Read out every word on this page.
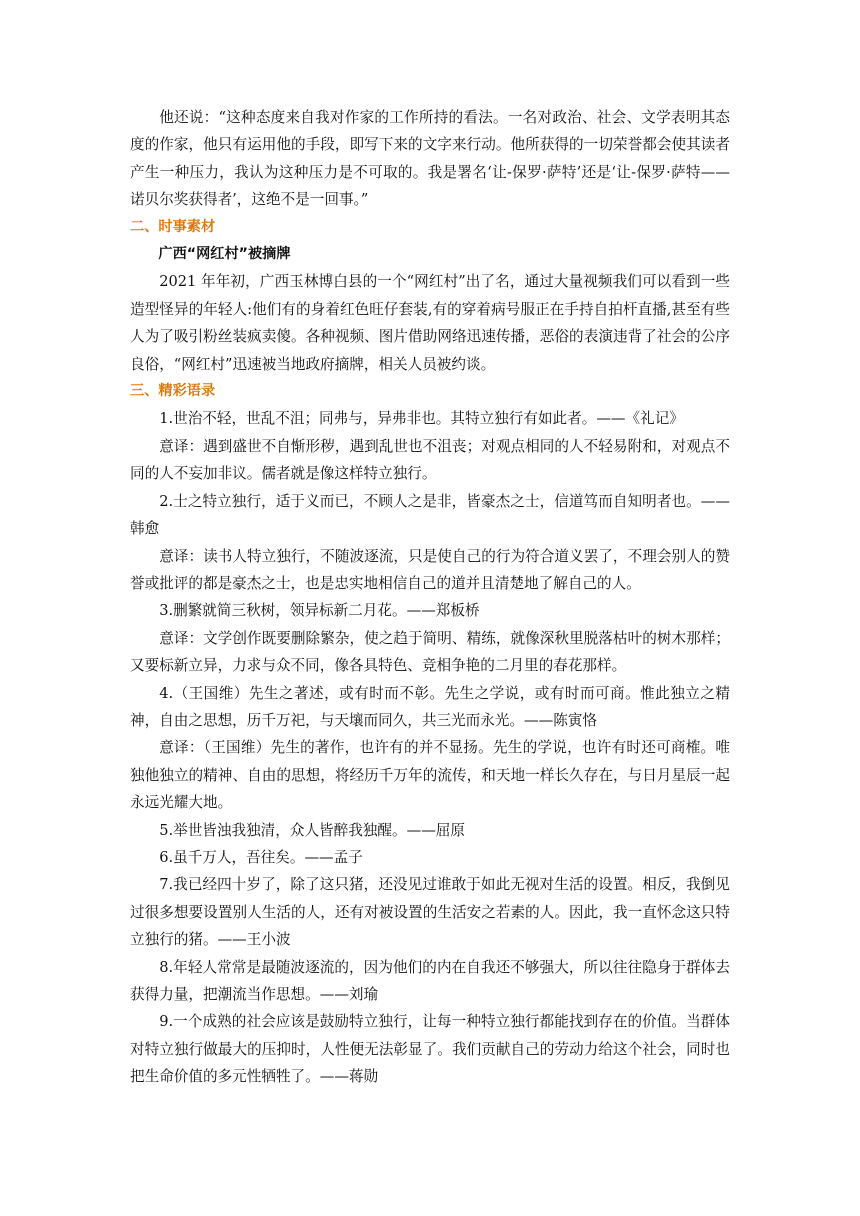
他还说：“这种态度来自我对作家的工作所持的看法。一名对政治、社会、文学表明其态度的作家，他只有运用他的手段，即写下来的文字来行动。他所获得的一切荣誉都会使其读者产生一种压力，我认为这种压力是不可取的。我是署名‘让-保罗·萨特’还是‘让-保罗·萨特——诺贝尔奖获得者’，这绝不是一回事。”

二、时事素材

广西“网红村”被摘牌

2021 年年初，广西玉林博白县的一个“网红村”出了名，通过大量视频我们可以看到一些造型怪异的年轻人:他们有的身着红色旺仔套装,有的穿着病号服正在手持自拍杆直播,甚至有些人为了吸引粉丝装疯卖傻。各种视频、图片借助网络迅速传播，恶俗的表演违背了社会的公序良俗，“网红村”迅速被当地政府摘牌，相关人员被约谈。

三、精彩语录

1.世治不轻，世乱不沮；同弗与，异弗非也。其特立独行有如此者。——《礼记》

意译：遇到盛世不自惭形秽，遇到乱世也不沮丧；对观点相同的人不轻易附和，对观点不同的人不妄加非议。儒者就是像这样特立独行。

2.士之特立独行，适于义而已，不顾人之是非，皆豪杰之士，信道笃而自知明者也。——韩愈

意译：读书人特立独行，不随波逐流，只是使自己的行为符合道义罢了，不理会别人的赞誉或批评的都是豪杰之士，也是忠实地相信自己的道并且清楚地了解自己的人。

3.删繁就简三秋树，领异标新二月花。——郑板桥

意译：文学创作既要删除繁杂，使之趋于简明、精练，就像深秋里脱落枯叶的树木那样；又要标新立异，力求与众不同，像各具特色、竞相争艳的二月里的春花那样。

4.（王国维）先生之著述，或有时而不彰。先生之学说，或有时而可商。惟此独立之精神，自由之思想，历千万祀，与天壤而同久，共三光而永光。——陈寅恪

意译：（王国维）先生的著作，也许有的并不显扬。先生的学说，也许有时还可商榷。唯独他独立的精神、自由的思想，将经历千万年的流传，和天地一样长久存在，与日月星辰一起永远光耀大地。

5.举世皆浊我独清，众人皆醉我独醒。——屈原

6.虽千万人，吾往矣。——孟子

7.我已经四十岁了，除了这只猪，还没见过谁敢于如此无视对生活的设置。相反，我倒见过很多想要设置别人生活的人，还有对被设置的生活安之若素的人。因此，我一直怀念这只特立独行的猪。——王小波

8.年轻人常常是最随波逐流的，因为他们的内在自我还不够强大，所以往往隐身于群体去获得力量，把潮流当作思想。——刘瑜

9.一个成熟的社会应该是鼓励特立独行，让每一种特立独行都能找到存在的价值。当群体对特立独行做最大的压抑时，人性便无法彰显了。我们贡献自己的劳动力给这个社会，同时也把生命价值的多元性牺牲了。——蒋勋
